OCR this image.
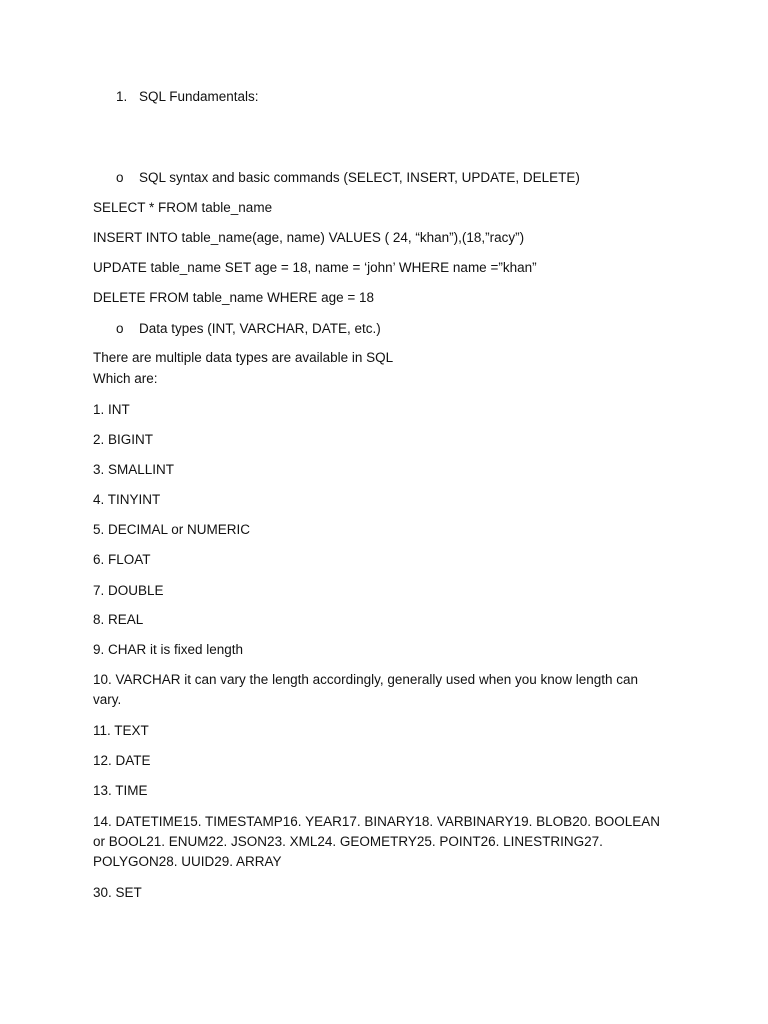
1. SQL Fundamentals:

o SQL syntax and basic commands (SELECT, INSERT, UPDATE, DELETE)

SELECT * FROM table_name

INSERT INTO table_name(age, name) VALUES ( 24, “khan”),(18,”racy”)

UPDATE table_name SET age = 18, name = ‘john’ WHERE name =”khan”

DELETE FROM table_name WHERE age = 18

o Data types (INT, VARCHAR, DATE, etc.)

There are multiple data types are available in SQL

Which are:

1. INT

2. BIGINT

3. SMALLINT

4. TINYINT

5. DECIMAL or NUMERIC

6. FLOAT

7. DOUBLE

8. REAL

9. CHAR it is fixed length

10. VARCHAR it can vary the length accordingly, generally used when you know length can vary.

11. TEXT

12. DATE

13. TIME

14. DATETIME15. TIMESTAMP16. YEAR17. BINARY18. VARBINARY19. BLOB20. BOOLEAN or BOOL21. ENUM22. JSON23. XML24. GEOMETRY25. POINT26. LINESTRING27. POLYGON28. UUID29. ARRAY

30. SET
